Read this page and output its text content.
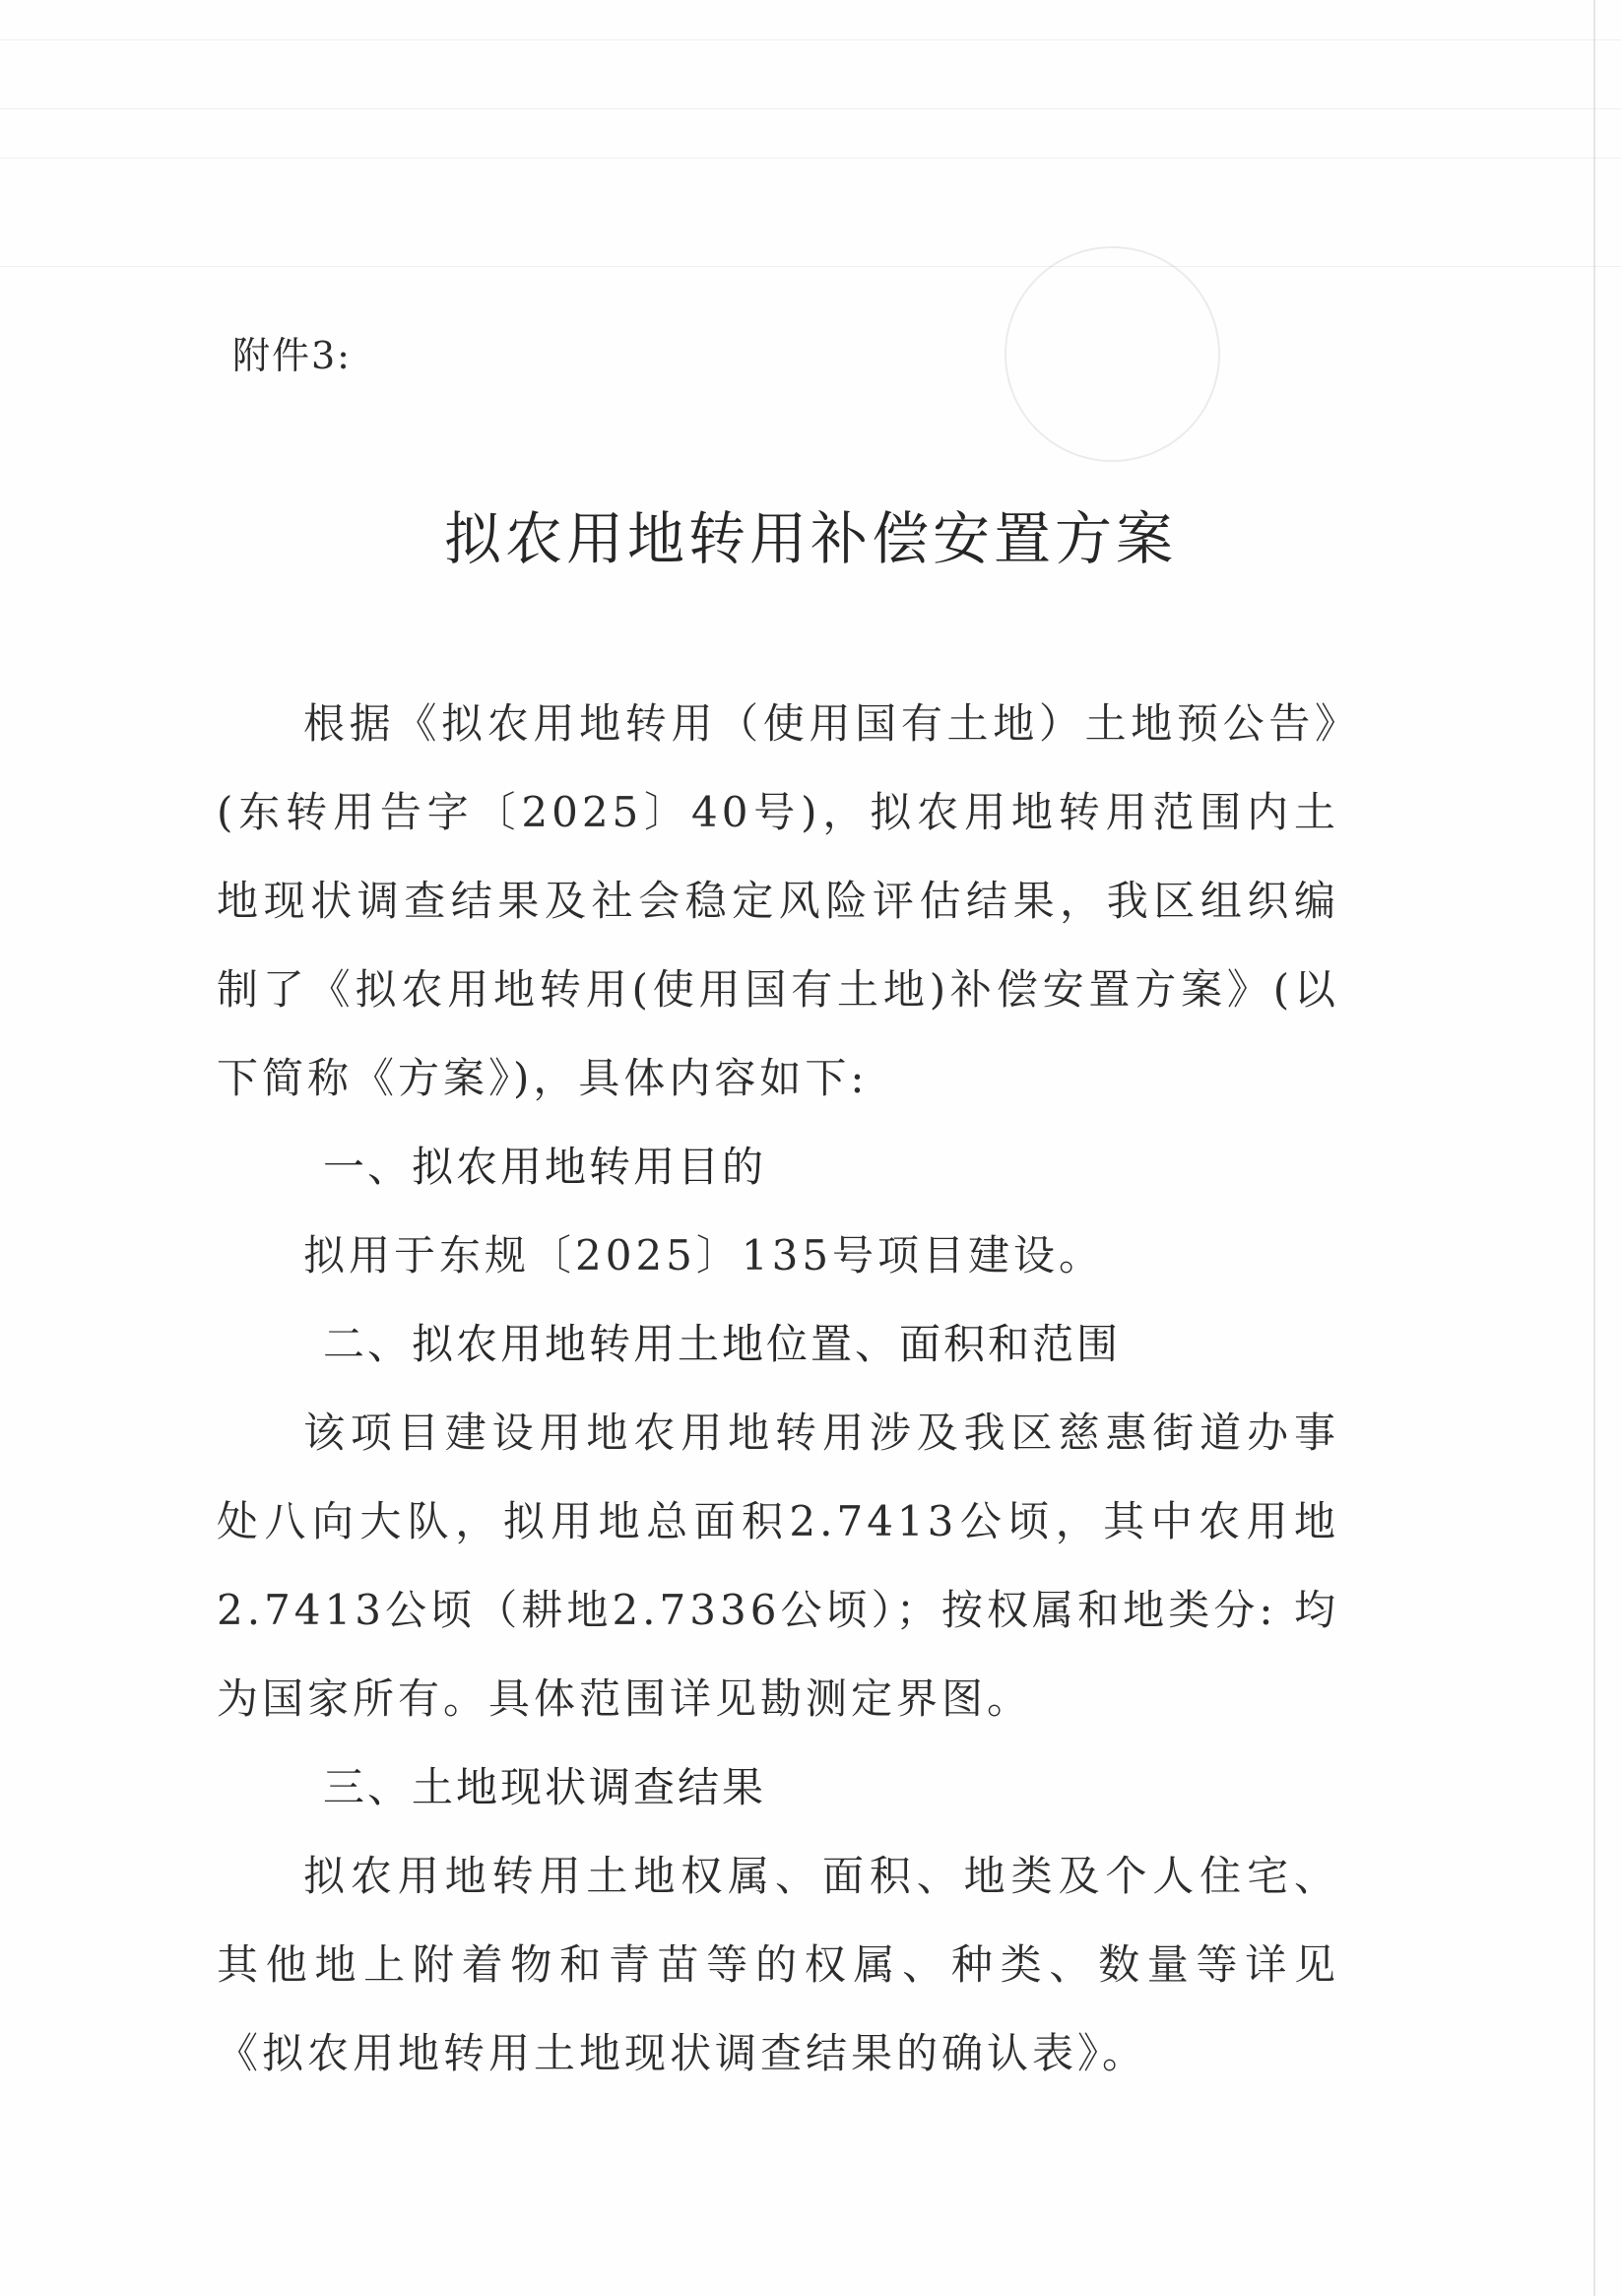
附件3:
拟农用地转用补偿安置方案

根据《拟农用地转用（使用国有土地）土地预公告》(东转用告字〔2025〕40号)，拟农用地转用范围内土地现状调查结果及社会稳定风险评估结果，我区组织编制了《拟农用地转用(使用国有土地)补偿安置方案》(以下简称《方案》)，具体内容如下:

一、拟农用地转用目的

拟用于东规〔2025〕135号项目建设。

二、拟农用地转用土地位置、面积和范围

该项目建设用地农用地转用涉及我区慈惠街道办事处八向大队，拟用地总面积2.7413公顷，其中农用地2.7413公顷（耕地2.7336公顷）；按权属和地类分: 均为国家所有。具体范围详见勘测定界图。

三、土地现状调查结果

拟农用地转用土地权属、面积、地类及个人住宅、其他地上附着物和青苗等的权属、种类、数量等详见《拟农用地转用土地现状调查结果的确认表》。
